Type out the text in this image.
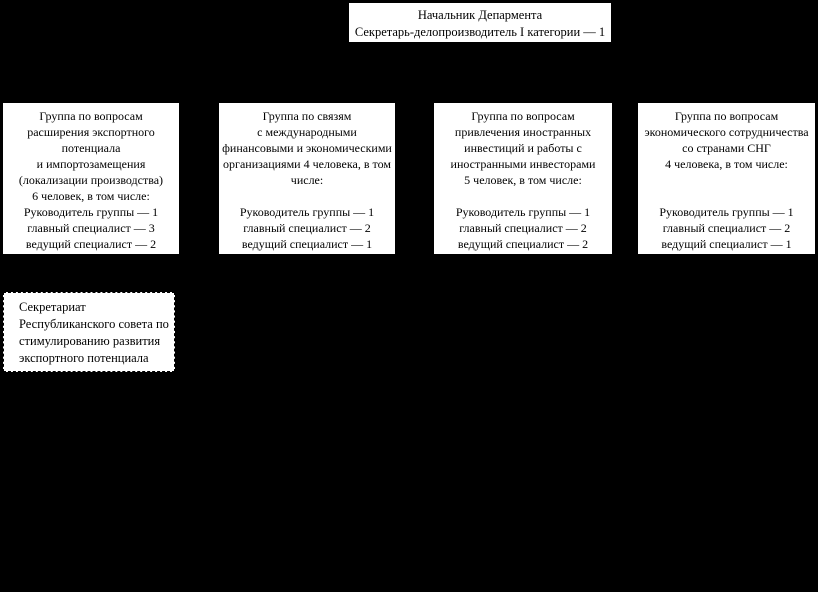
Начальник Депармента
Секретарь-делопроизводитель I категории — 1
Группа по вопросам
расширения экспортного
потенциала
и импортозамещения
(локализации производства)
6 человек, в том числе:
Руководитель группы — 1
главный специалист — 3
ведущий специалист — 2
Группа по связям
с международными
финансовыми и экономическими
организациями 4 человека, в том
числе:
Руководитель группы — 1
главный специалист — 2
ведущий специалист — 1
Группа по вопросам
привлечения иностранных
инвестиций и работы с
иностранными инвесторами
5 человек, в том числе:
Руководитель группы — 1
главный специалист — 2
ведущий специалист — 2
Группа по вопросам
экономического сотрудничества
со странами СНГ
4 человека, в том числе:
Руководитель группы — 1
главный специалист — 2
ведущий специалист — 1
Секретариат
Республиканского совета по
стимулированию развития
экспортного потенциала
